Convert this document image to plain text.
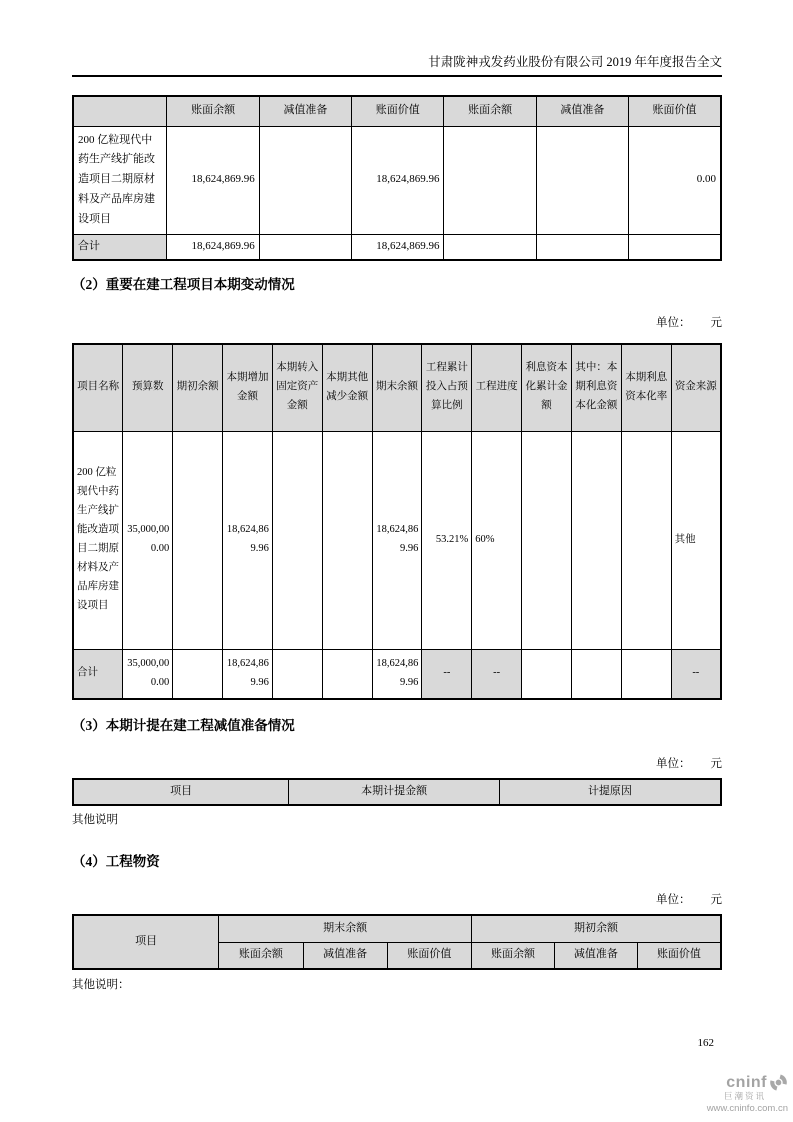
甘肃陇神戎发药业股份有限公司 2019 年年度报告全文
	账面余额	减值准备	账面价值	账面余额	减值准备	账面价值
200 亿粒现代中药生产线扩能改造项目二期原材料及产品库房建设项目	18,624,869.96		18,624,869.96			0.00
合计	18,624,869.96		18,624,869.96			
（2）重要在建工程项目本期变动情况
单位： 元
项目名称	预算数	期初余额	本期增加金额	本期转入固定资产金额	本期其他减少金额	期末余额	工程累计投入占预算比例	工程进度	利息资本化累计金额	其中：本期利息资本化金额	本期利息资本化率	资金来源
200 亿粒现代中药生产线扩能改造项目二期原材料及产品库房建设项目	35,000,000.00		18,624,869.96			18,624,869.96	53.21%	60%				其他
合计	35,000,000.00		18,624,869.96			18,624,869.96	--	--				--
（3）本期计提在建工程减值准备情况
单位： 元
项目	本期计提金额	计提原因
其他说明
（4）工程物资
单位： 元
项目	期末余额			期初余额		
	账面余额	减值准备	账面价值	账面余额	减值准备	账面价值
其他说明：
162
cninf
巨潮资讯
www.cninfo.com.cn
